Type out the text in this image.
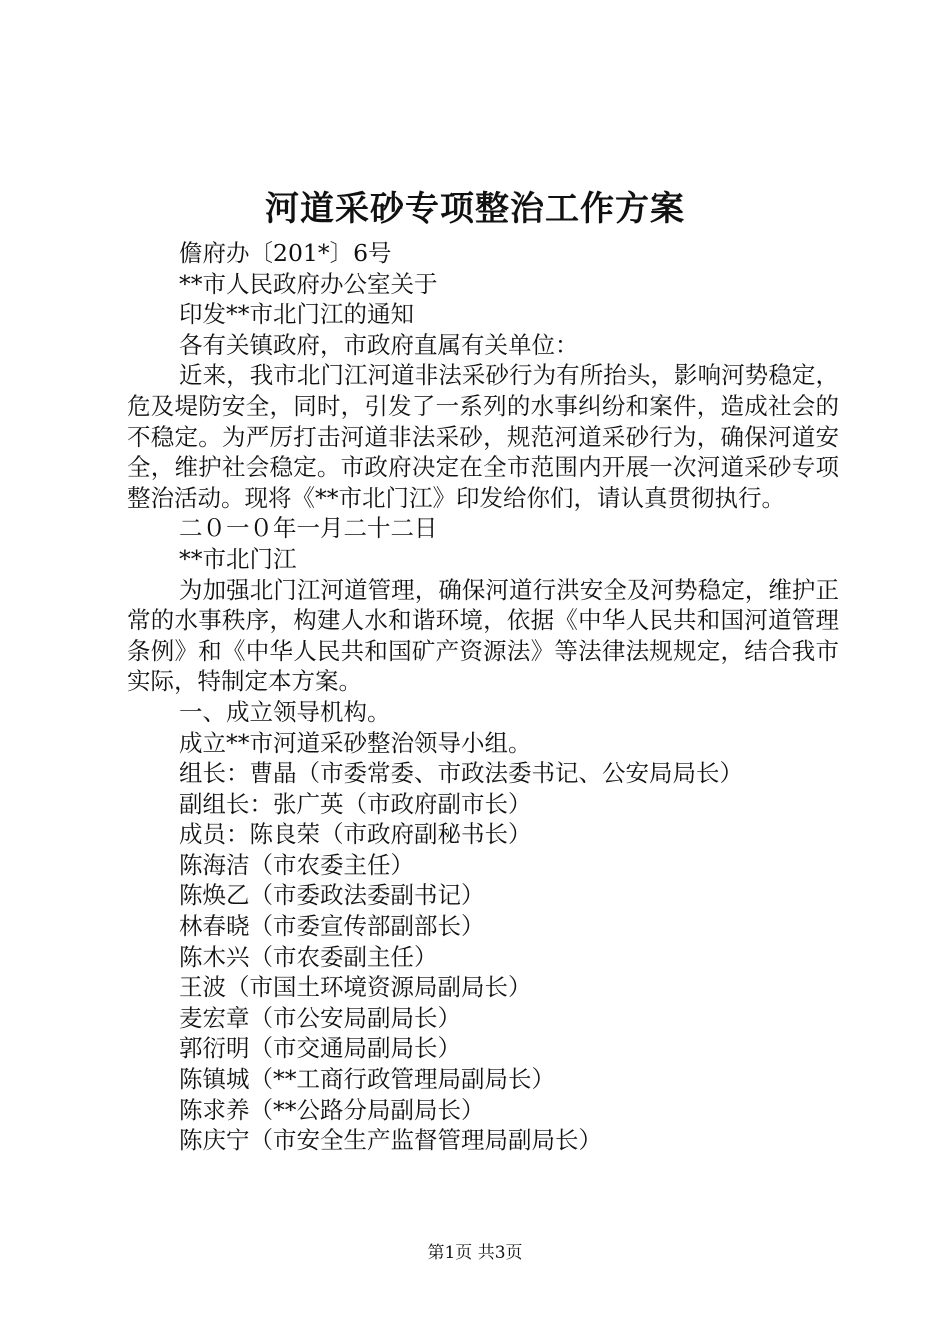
河道采砂专项整治工作方案
儋府办〔201*〕6号
**市人民政府办公室关于
印发**市北门江的通知
各有关镇政府，市政府直属有关单位：
近来，我市北门江河道非法采砂行为有所抬头，影响河势稳定，危及堤防安全，同时，引发了一系列的水事纠纷和案件，造成社会的不稳定。为严厉打击河道非法采砂，规范河道采砂行为，确保河道安全，维护社会稳定。市政府决定在全市范围内开展一次河道采砂专项整治活动。现将《**市北门江》印发给你们，请认真贯彻执行。
二０一０年一月二十二日
**市北门江
为加强北门江河道管理，确保河道行洪安全及河势稳定，维护正常的水事秩序，构建人水和谐环境，依据《中华人民共和国河道管理条例》和《中华人民共和国矿产资源法》等法律法规规定，结合我市实际，特制定本方案。
一、成立领导机构。
成立**市河道采砂整治领导小组。
组长：曹晶（市委常委、市政法委书记、公安局局长）
副组长：张广英（市政府副市长）
成员：陈良荣（市政府副秘书长）
陈海洁（市农委主任）
陈焕乙（市委政法委副书记）
林春晓（市委宣传部副部长）
陈木兴（市农委副主任）
王波（市国土环境资源局副局长）
麦宏章（市公安局副局长）
郭衍明（市交通局副局长）
陈镇城（**工商行政管理局副局长）
陈求养（**公路分局副局长）
陈庆宁（市安全生产监督管理局副局长）
第1页 共3页
